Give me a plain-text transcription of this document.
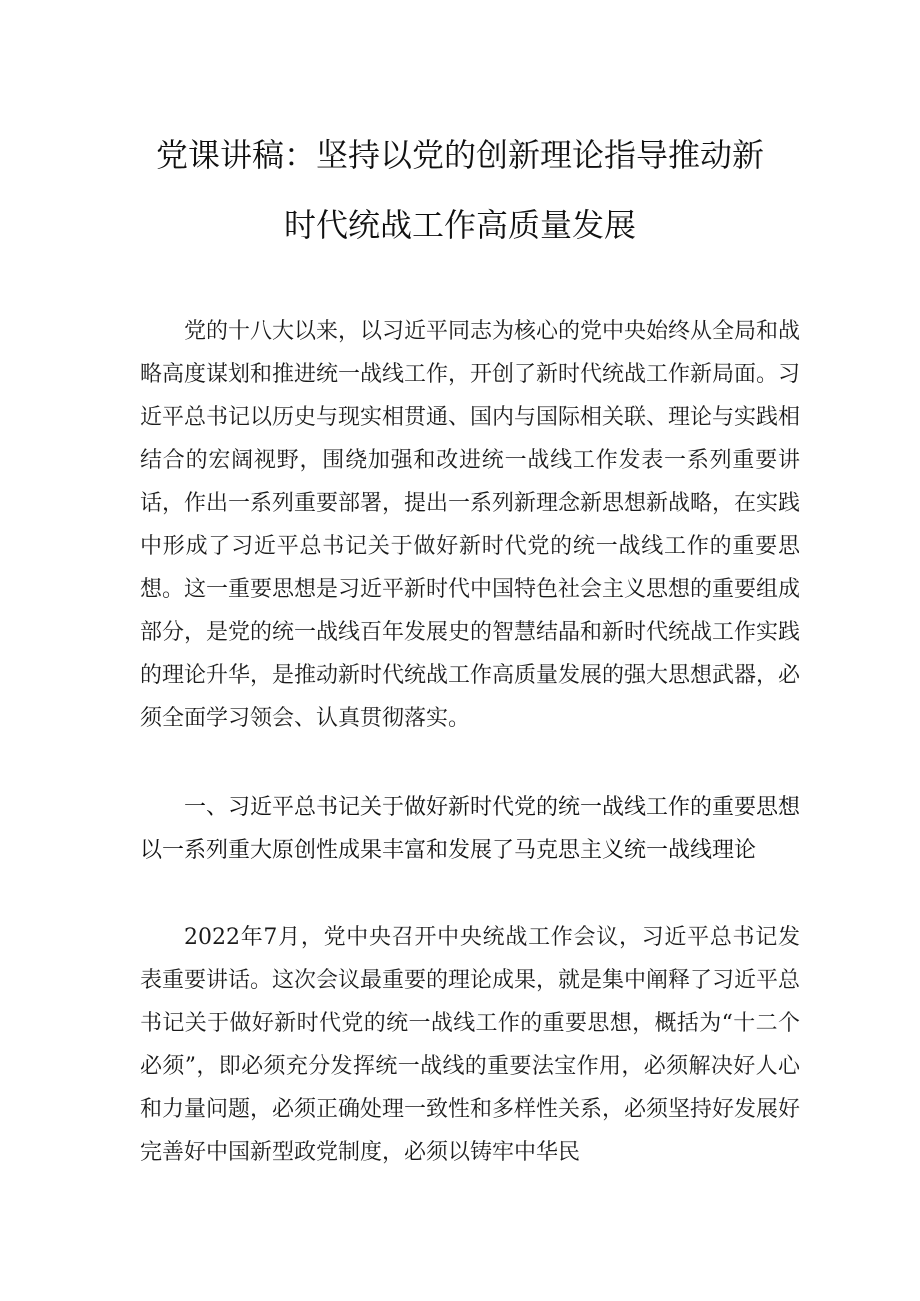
党课讲稿：坚持以党的创新理论指导推动新
时代统战工作高质量发展
党的十八大以来，以习近平同志为核心的党中央始终从全局和战略高度谋划和推进统一战线工作，开创了新时代统战工作新局面。习近平总书记以历史与现实相贯通、国内与国际相关联、理论与实践相结合的宏阔视野，围绕加强和改进统一战线工作发表一系列重要讲话，作出一系列重要部署，提出一系列新理念新思想新战略，在实践中形成了习近平总书记关于做好新时代党的统一战线工作的重要思想。这一重要思想是习近平新时代中国特色社会主义思想的重要组成部分，是党的统一战线百年发展史的智慧结晶和新时代统战工作实践的理论升华，是推动新时代统战工作高质量发展的强大思想武器，必须全面学习领会、认真贯彻落实。
一、习近平总书记关于做好新时代党的统一战线工作的重要思想以一系列重大原创性成果丰富和发展了马克思主义统一战线理论
2022年7月，党中央召开中央统战工作会议，习近平总书记发表重要讲话。这次会议最重要的理论成果，就是集中阐释了习近平总书记关于做好新时代党的统一战线工作的重要思想，概括为“十二个必须”，即必须充分发挥统一战线的重要法宝作用，必须解决好人心和力量问题，必须正确处理一致性和多样性关系，必须坚持好发展好完善好中国新型政党制度，必须以铸牢中华民
